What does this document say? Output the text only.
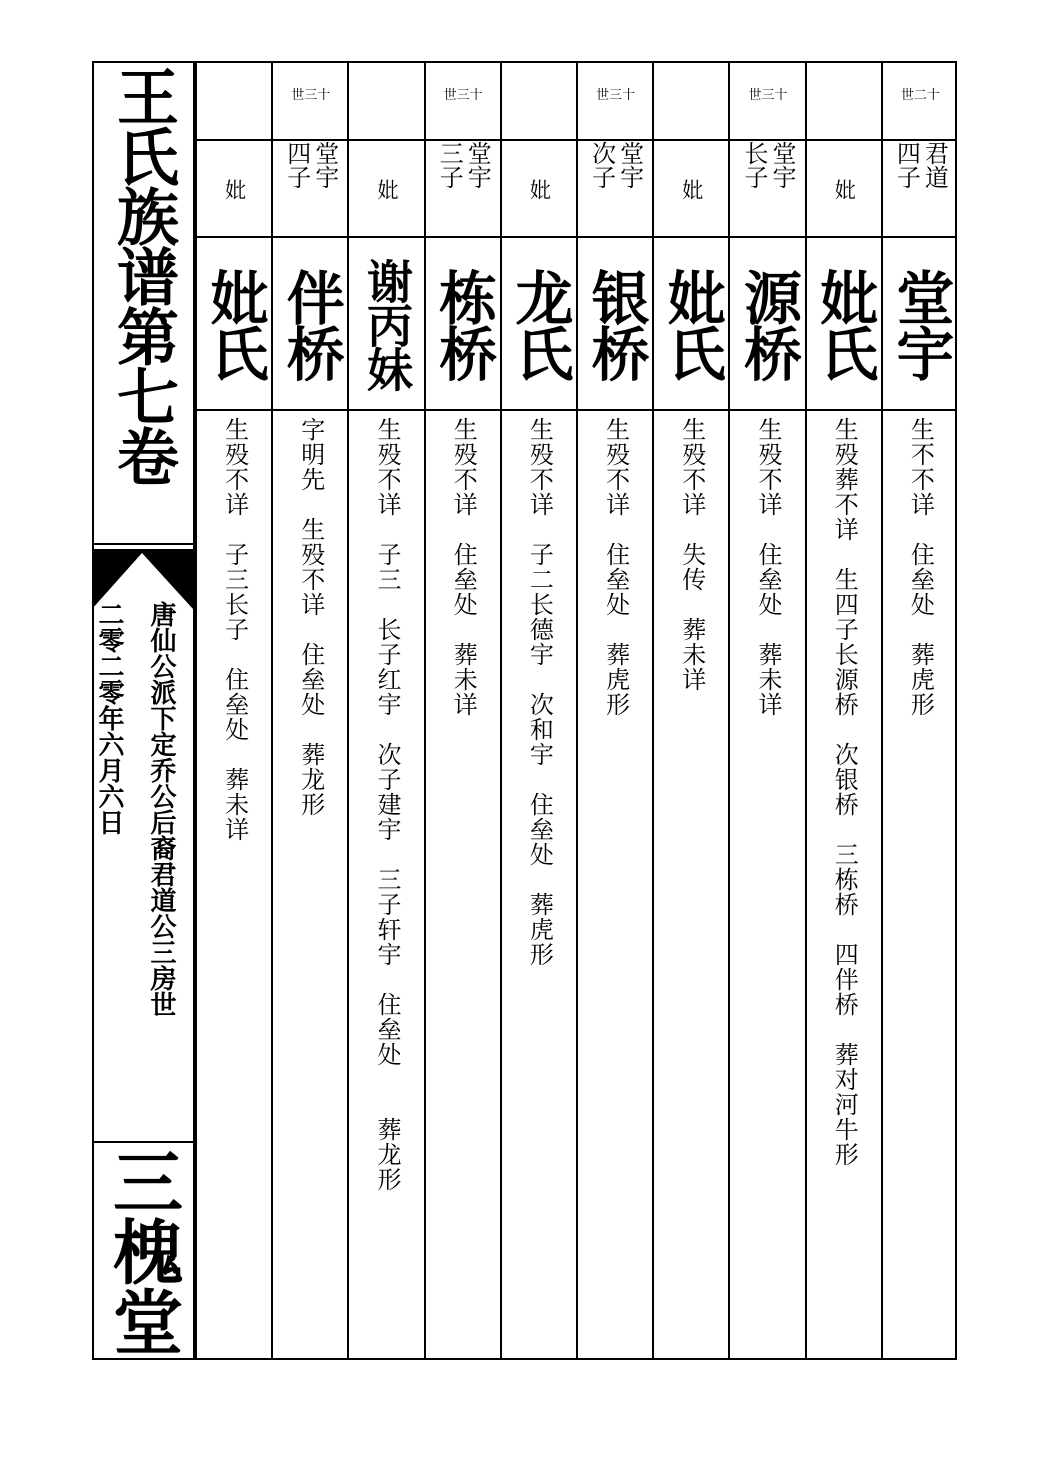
王氏族谱第七卷
唐仙公派下定乔公后裔君道公三房世
二零二零年六月六日
三槐堂
世二十
君道 四子
堂宇
生不不详　住垒处　葬虎形
妣
妣氏
生殁葬不详　生四子长源桥　次银桥　三栋桥　四伴桥　葬对河牛形
世三十
堂宇 长子
源桥
生殁不详　住垒处　葬未详
妣
妣氏
生殁不详　失传　葬未详
世三十
堂宇 次子
银桥
生殁不详　住垒处　葬虎形
妣
龙氏
生殁不详　子二长德宇　次和宇　住垒处　葬虎形
世三十
堂宇 三子
栋桥
生殁不详　住垒处　葬未详
妣
谢丙妹
生殁不详　子三　长子红宇　次子建宇　三子轩宇　住垒处　　葬龙形
世三十
堂宇 四子
伴桥
字明先　生殁不详　住垒处　葬龙形
妣
妣氏
生殁不详　子三长子　住垒处　葬未详
